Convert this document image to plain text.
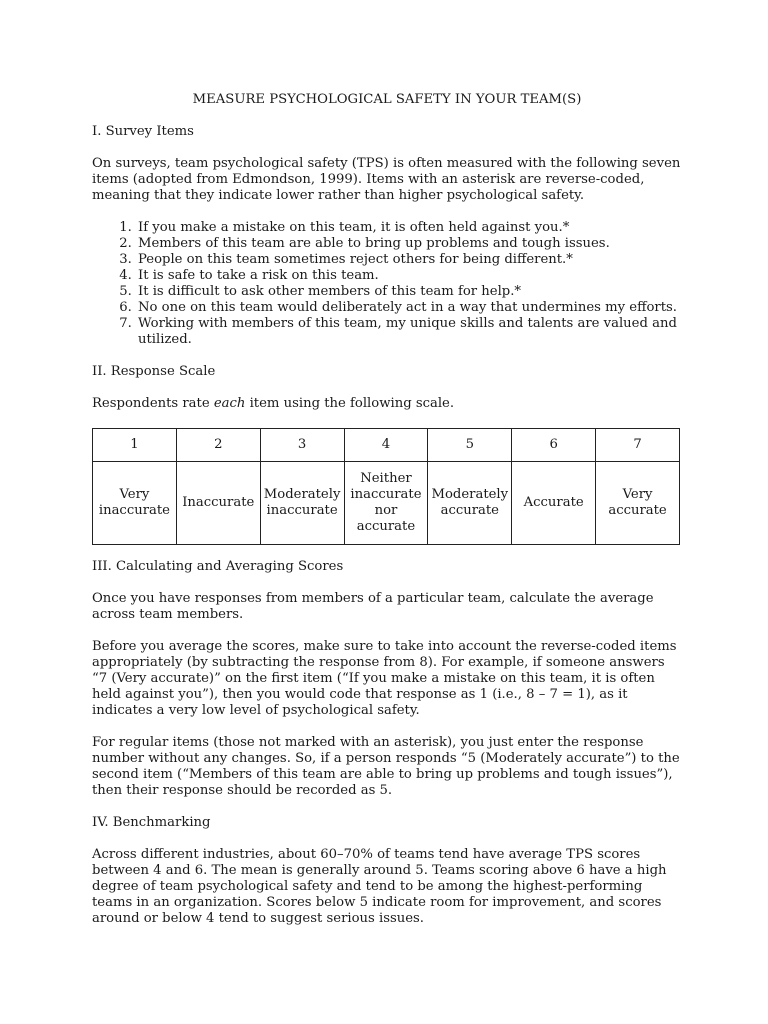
MEASURE PSYCHOLOGICAL SAFETY IN YOUR TEAM(S)
I. Survey Items

On surveys, team psychological safety (TPS) is often measured with the following seven items (adopted from Edmondson, 1999). Items with an asterisk are reverse-coded, meaning that they indicate lower rather than higher psychological safety.

1. If you make a mistake on this team, it is often held against you.*
2. Members of this team are able to bring up problems and tough issues.
3. People on this team sometimes reject others for being different.*
4. It is safe to take a risk on this team.
5. It is difficult to ask other members of this team for help.*
6. No one on this team would deliberately act in a way that undermines my efforts.
7. Working with members of this team, my unique skills and talents are valued and utilized.
II. Response Scale

Respondents rate each item using the following scale.

1	2	3	4	5	6	7
Very inaccurate	Inaccurate	Moderately inaccurate	Neither inaccurate nor accurate	Moderately accurate	Accurate	Very accurate
III. Calculating and Averaging Scores

Once you have responses from members of a particular team, calculate the average across team members.

Before you average the scores, make sure to take into account the reverse-coded items appropriately (by subtracting the response from 8). For example, if someone answers “7 (Very accurate)” on the first item (“If you make a mistake on this team, it is often held against you”), then you would code that response as 1 (i.e., 8 – 7 = 1), as it indicates a very low level of psychological safety.

For regular items (those not marked with an asterisk), you just enter the response number without any changes. So, if a person responds “5 (Moderately accurate”) to the second item (“Members of this team are able to bring up problems and tough issues”), then their response should be recorded as 5.

IV. Benchmarking

Across different industries, about 60–70% of teams tend have average TPS scores between 4 and 6. The mean is generally around 5. Teams scoring above 6 have a high degree of team psychological safety and tend to be among the highest-performing teams in an organization. Scores below 5 indicate room for improvement, and scores around or below 4 tend to suggest serious issues.
